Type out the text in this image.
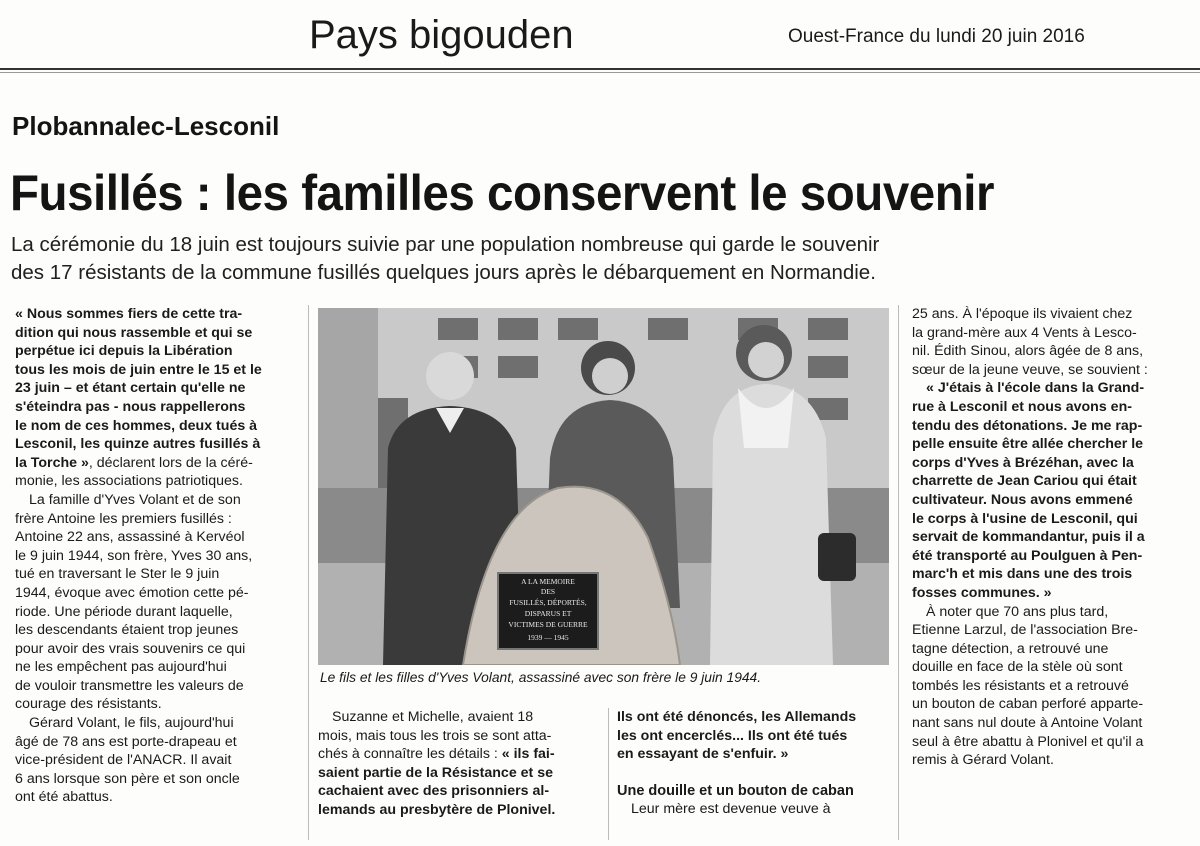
Pays bigouden	Ouest-France du lundi 20 juin 2016
Plobannalec-Lesconil
Fusillés : les familles conservent le souvenir

La cérémonie du 18 juin est toujours suivie par une population nombreuse qui garde le souvenir

des 17 résistants de la commune fusillés quelques jours après le débarquement en Normandie.

« Nous sommes fiers de cette tra-
dition qui nous rassemble et qui se
perpétue ici depuis la Libération
tous les mois de juin entre le 15 et le
23 juin – et étant certain qu'elle ne
s'éteindra pas - nous rappellerons
le nom de ces hommes, deux tués à
Lesconil, les quinze autres fusillés à
la Torche », déclarent lors de la céré-
monie, les associations patriotiques.
La famille d'Yves Volant et de son
frère Antoine les premiers fusillés :
Antoine 22 ans, assassiné à Kervéol
le 9 juin 1944, son frère, Yves 30 ans,
tué en traversant le Ster le 9 juin
1944, évoque avec émotion cette pé-
riode. Une période durant laquelle,
les descendants étaient trop jeunes
pour avoir des vrais souvenirs ce qui
ne les empêchent pas aujourd'hui
de vouloir transmettre les valeurs de
courage des résistants.
Gérard Volant, le fils, aujourd'hui
âgé de 78 ans est porte-drapeau et
vice-président de l'ANACR. Il avait
6 ans lorsque son père et son oncle
ont été abattus.
A LA MEMOIRE
DES
FUSILLÉS, DÉPORTÉS,
DISPARUS ET
VICTIMES DE GUERRE
1939 — 1945
Le fils et les filles d'Yves Volant, assassiné avec son frère le 9 juin 1944.
Suzanne et Michelle, avaient 18
mois, mais tous les trois se sont atta-
chés à connaître les détails : « ils fai-
saient partie de la Résistance et se
cachaient avec des prisonniers al-
lemands au presbytère de Plonivel.
Ils ont été dénoncés, les Allemands
les ont encerclés... Ils ont été tués
en essayant de s'enfuir. »
Une douille et un bouton de caban
Leur mère est devenue veuve à
25 ans. À l'époque ils vivaient chez
la grand-mère aux 4 Vents à Lesco-
nil. Édith Sinou, alors âgée de 8 ans,
sœur de la jeune veuve, se souvient :
« J'étais à l'école dans la Grand-
rue à Lesconil et nous avons en-
tendu des détonations. Je me rap-
pelle ensuite être allée chercher le
corps d'Yves à Brézéhan, avec la
charrette de Jean Cariou qui était
cultivateur. Nous avons emmené
le corps à l'usine de Lesconil, qui
servait de kommandantur, puis il a
été transporté au Poulguen à Pen-
marc'h et mis dans une des trois
fosses communes. »
À noter que 70 ans plus tard,
Etienne Larzul, de l'association Bre-
tagne détection, a retrouvé une
douille en face de la stèle où sont
tombés les résistants et a retrouvé
un bouton de caban perforé apparte-
nant sans nul doute à Antoine Volant
seul à être abattu à Plonivel et qu'il a
remis à Gérard Volant.
